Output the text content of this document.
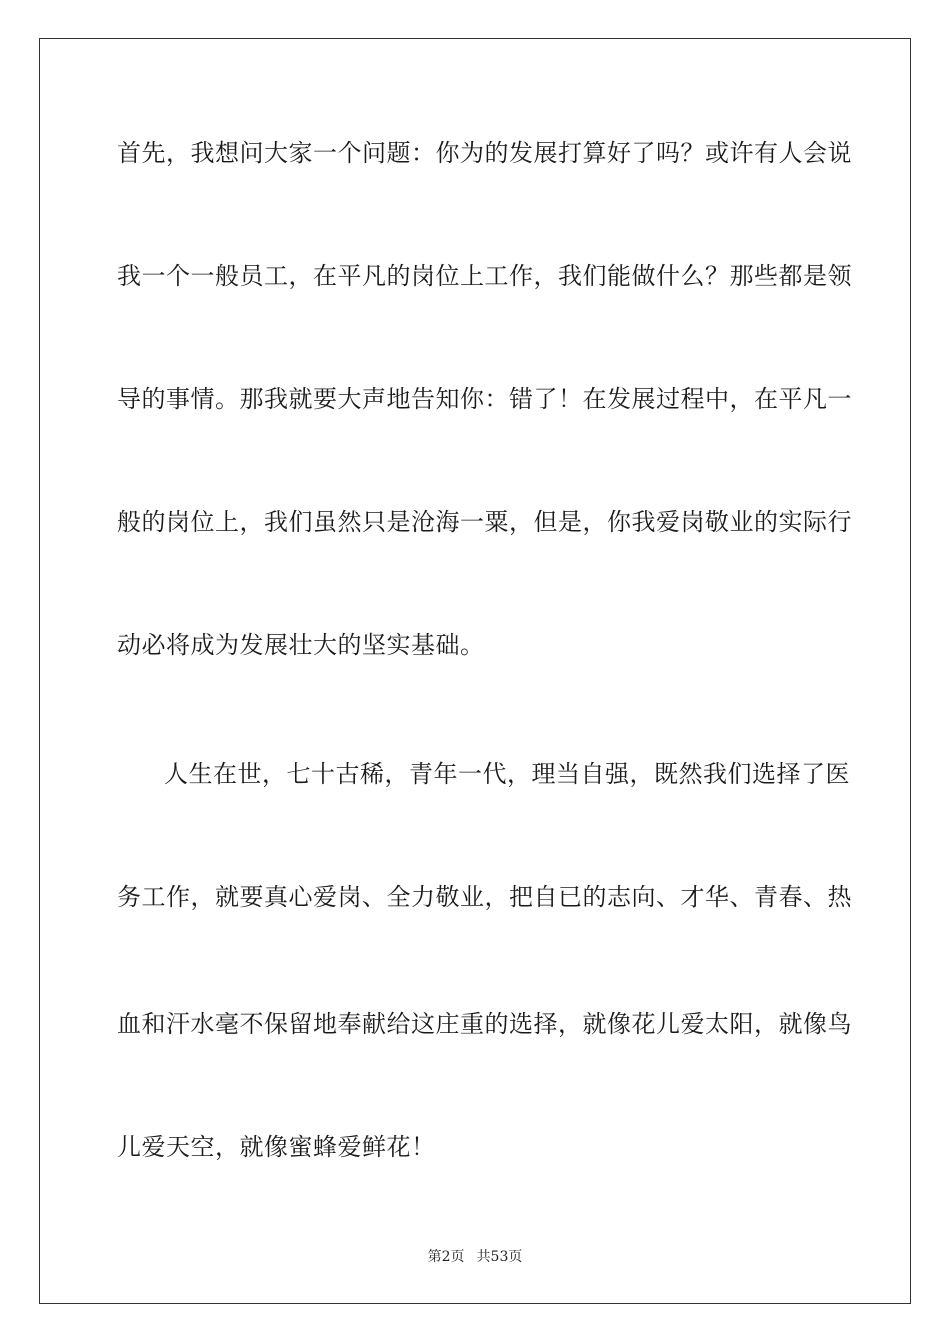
首先，我想问大家一个问题：你为的发展打算好了吗？或许有人会说
我一个一般员工，在平凡的岗位上工作，我们能做什么？那些都是领
导的事情。那我就要大声地告知你：错了！在发展过程中，在平凡一
般的岗位上，我们虽然只是沧海一粟，但是，你我爱岗敬业的实际行
动必将成为发展壮大的坚实基础。
人生在世，七十古稀，青年一代，理当自强，既然我们选择了医
务工作，就要真心爱岗、全力敬业，把自已的志向、才华、青春、热
血和汗水毫不保留地奉献给这庄重的选择，就像花儿爱太阳，就像鸟
儿爱天空，就像蜜蜂爱鲜花！
第2页 共53页
